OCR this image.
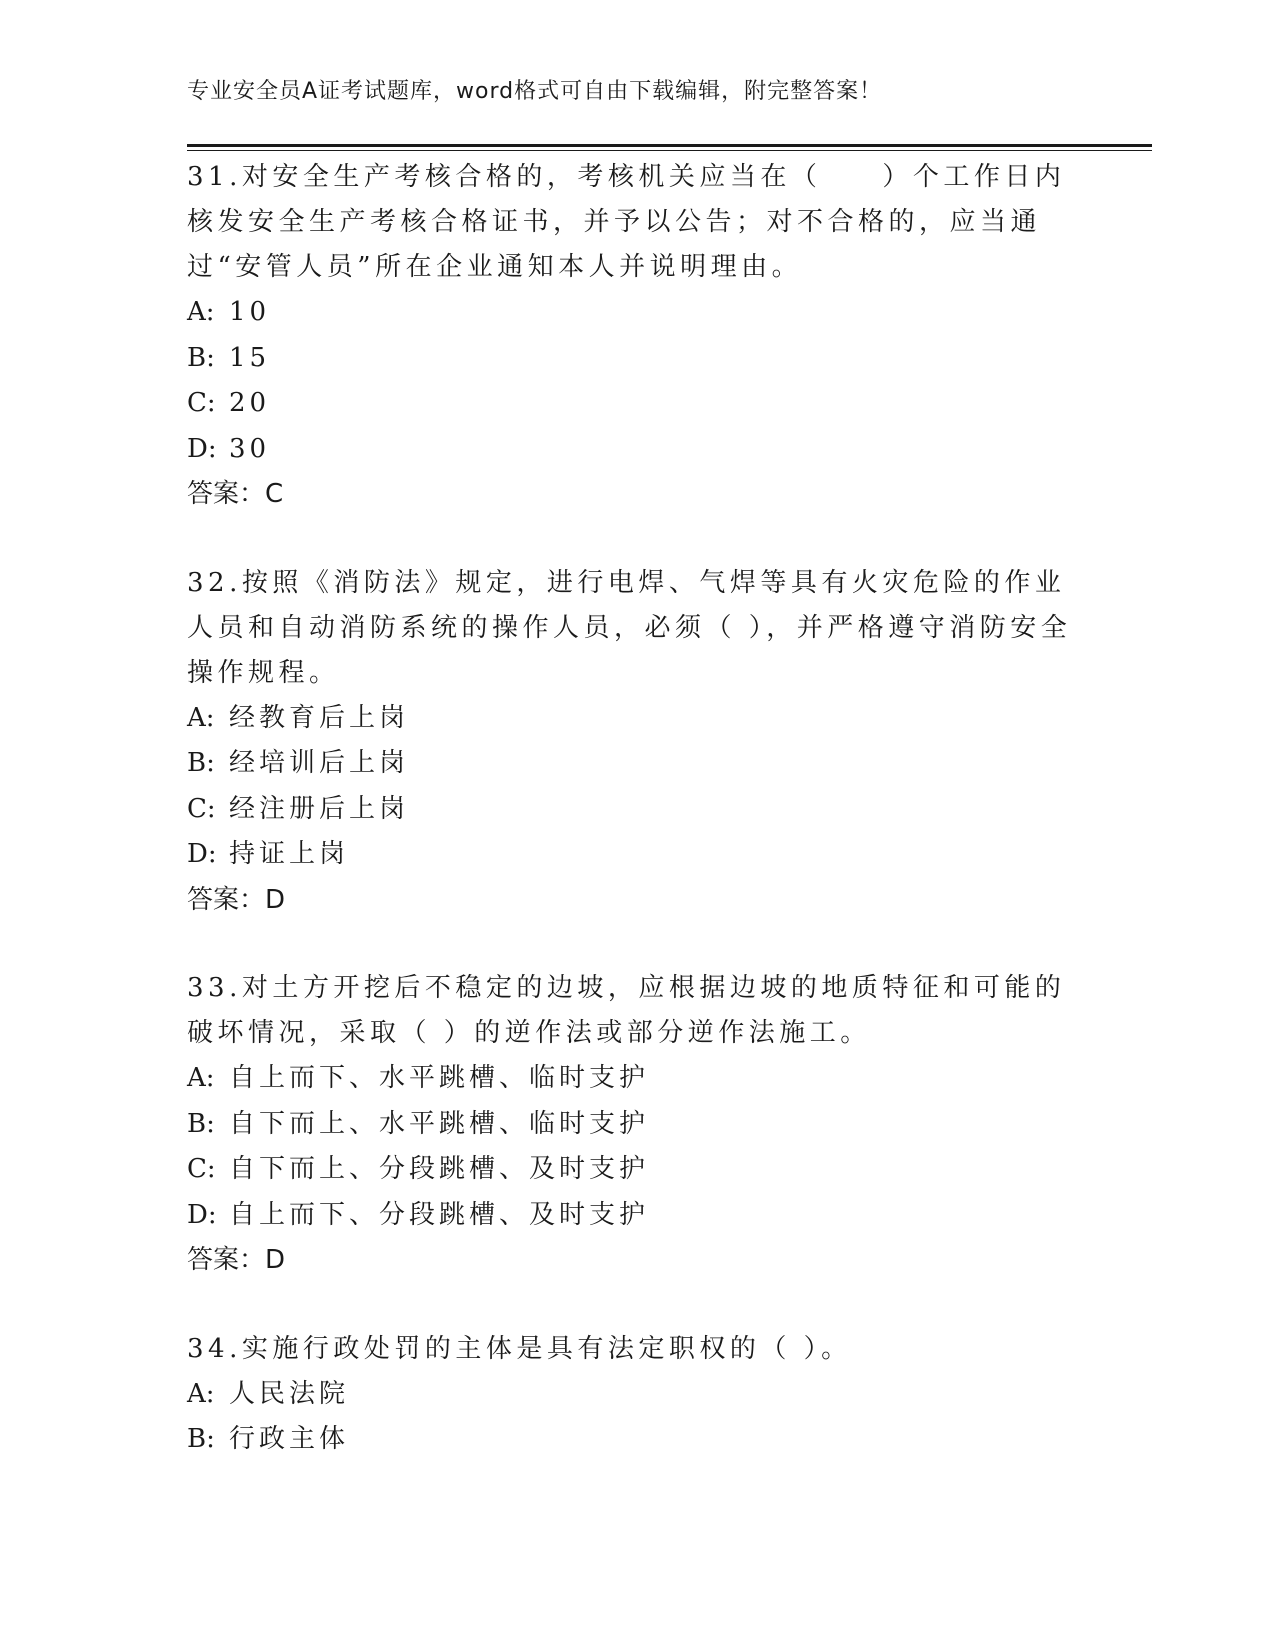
专业安全员A证考试题库，word格式可自由下载编辑，附完整答案！

31.对安全生产考核合格的，考核机关应当在（　　）个工作日内核发安全生产考核合格证书，并予以公告；对不合格的，应当通过“安管人员”所在企业通知本人并说明理由。

A: 10

B: 15

C: 20

D: 30

答案：C

32.按照《消防法》规定，进行电焊、气焊等具有火灾危险的作业人员和自动消防系统的操作人员，必须（ ），并严格遵守消防安全操作规程。

A: 经教育后上岗

B: 经培训后上岗

C: 经注册后上岗

D: 持证上岗

答案：D

33.对土方开挖后不稳定的边坡，应根据边坡的地质特征和可能的破坏情况，采取（ ）的逆作法或部分逆作法施工。

A: 自上而下、水平跳槽、临时支护

B: 自下而上、水平跳槽、临时支护

C: 自下而上、分段跳槽、及时支护

D: 自上而下、分段跳槽、及时支护

答案：D

34.实施行政处罚的主体是具有法定职权的（ ）。

A: 人民法院

B: 行政主体
